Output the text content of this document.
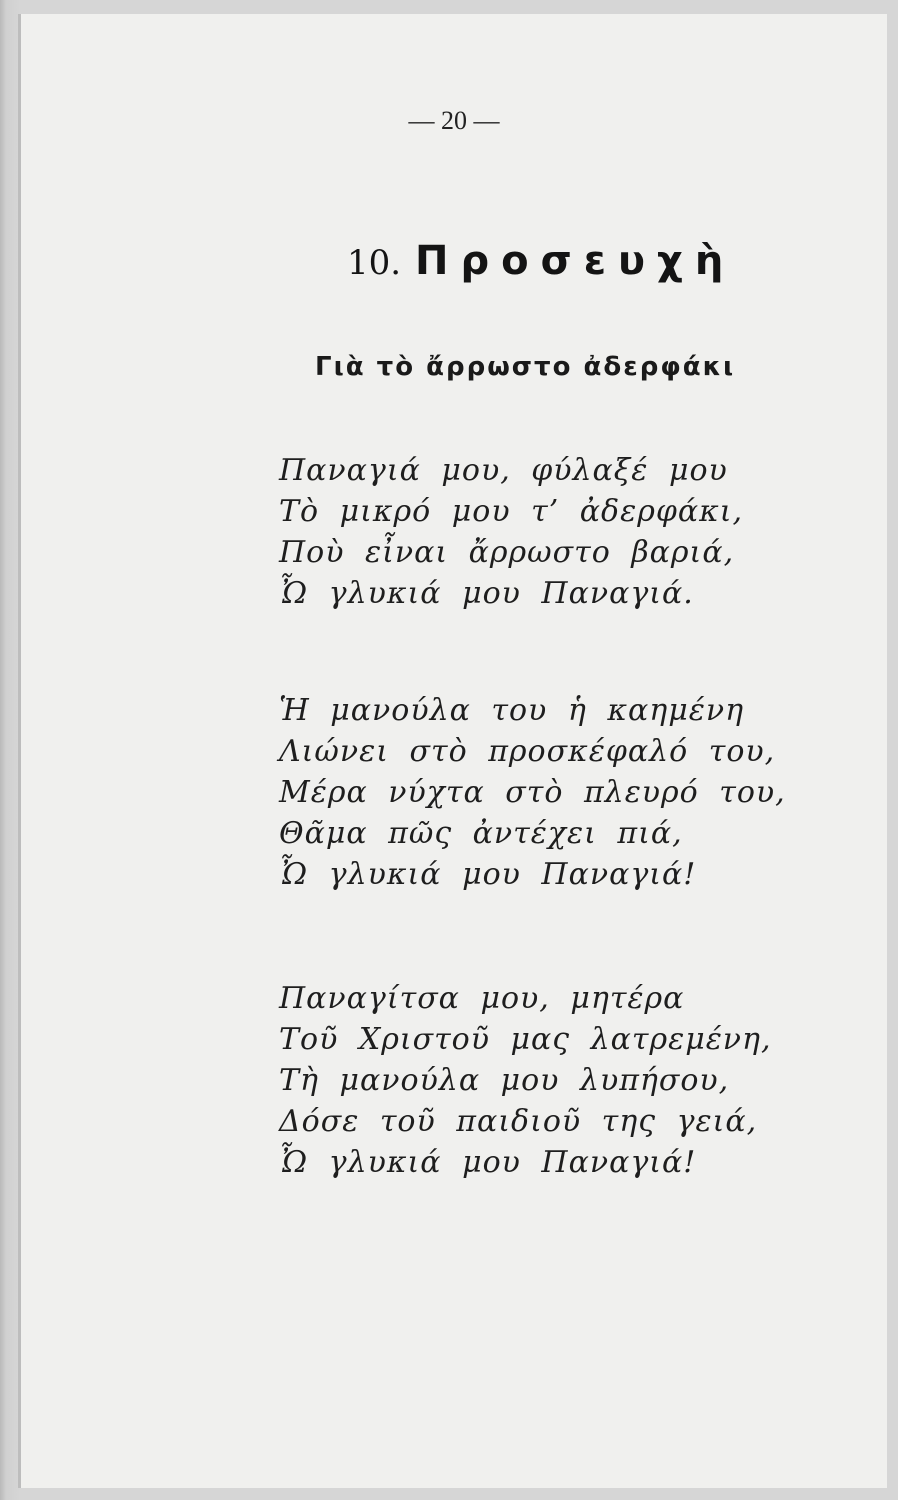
— 20 —
10. Προσευχὴ
Γιὰ τὸ ἄρρωστο ἀδερφάκι
Παναγιά μου, φύλαξέ μου
Τὸ μικρό μου τ’ ἀδερφάκι,
Ποὺ εἶναι ἄρρωστο βαριά,
Ὦ γλυκιά μου Παναγιά.
Ἡ μανούλα του ἡ καημένη
Λιώνει στὸ προσκέφαλό του,
Μέρα νύχτα στὸ πλευρό του,
Θᾶμα πῶς ἀντέχει πιά,
Ὦ γλυκιά μου Παναγιά!
Παναγίτσα μου, μητέρα
Τοῦ Χριστοῦ μας λατρεμένη,
Τὴ μανούλα μου λυπήσου,
Δόσε τοῦ παιδιοῦ της γειά,
Ὦ γλυκιά μου Παναγιά!
